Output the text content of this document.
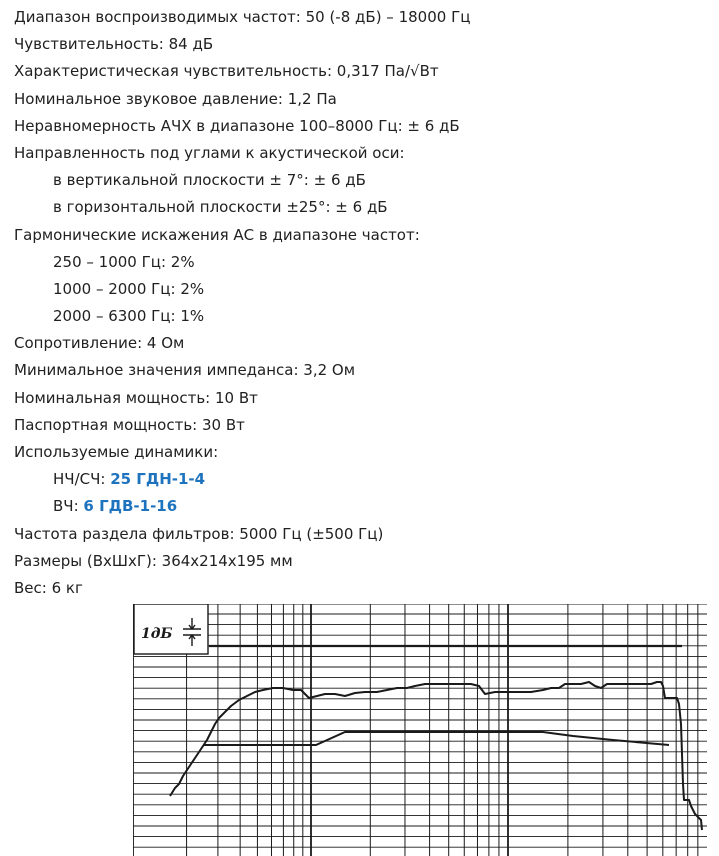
Диапазон воспроизводимых частот: 50 (-8 дБ) – 18000 Гц
Чувствительность: 84 дБ
Характеристическая чувствительность: 0,317 Па/√Вт
Номинальное звуковое давление: 1,2 Па
Неравномерность АЧХ в диапазоне 100–8000 Гц: ± 6 дБ
Направленность под углами к акустической оси:
в вертикальной плоскости ± 7°: ± 6 дБ
в горизонтальной плоскости ±25°: ± 6 дБ
Гармонические искажения АС в диапазоне частот:
250 – 1000 Гц: 2%
1000 – 2000 Гц: 2%
2000 – 6300 Гц: 1%
Сопротивление: 4 Ом
Минимальное значения импеданса: 3,2 Ом
Номинальная мощность: 10 Вт
Паспортная мощность: 30 Вт
Используемые динамики:
НЧ/СЧ: 25 ГДН-1-4
ВЧ: 6 ГДВ-1-16
Частота раздела фильтров: 5000 Гц (±500 Гц)
Размеры (ВхШхГ): 364х214х195 мм
Вес: 6 кг
1дБ
